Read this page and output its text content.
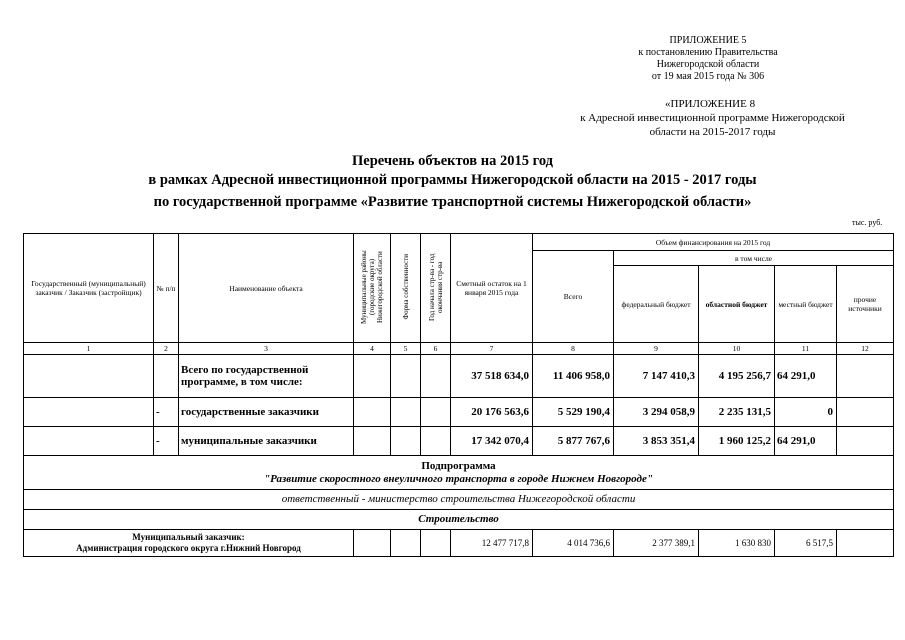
ПРИЛОЖЕНИЕ 5
к постановлению Правительства
Нижегородской области
от 19 мая 2015 года № 306
«ПРИЛОЖЕНИЕ 8
к Адресной инвестиционной программе Нижегородской
области на 2015-2017 годы
Перечень объектов на 2015 год
в рамках Адресной инвестиционной программы Нижегородской области на 2015 - 2017 годы
по государственной программе «Развитие транспортной системы Нижегородской области»
тыс. руб.
Государственный (муниципальный) заказчик / Заказчик (застройщик)	№ п/п	Наименование объекта	Муниципальные районы (городские округа) Нижегородской области	Форма собственности	Год начала стр-ва - год окончания стр-ва	Сметный остаток на 1 января 2015 года	Объем финансирования на 2015 год				
							Всего	в том числе			
								федеральный бюджет	областной бюджет	местный бюджет	прочие источники
1	2	3	4	5	6	7	8	9	10	11	12
		Всего по государственной программе, в том числе:				37 518 634,0	11 406 958,0	7 147 410,3	4 195 256,7	64 291,0	
	-	государственные заказчики				20 176 563,6	5 529 190,4	3 294 058,9	2 235 131,5	0	
	-	муниципальные заказчики				17 342 070,4	5 877 767,6	3 853 351,4	1 960 125,2	64 291,0	

Подпрограмма
"Развитие скоростного внеуличного транспорта в городе Нижнем Новгороде"											

ответственный - министерство строительства Нижегородской области											
Строительство											

Муниципальный заказчик:
Администрация городского округа г.Нижний Новгород						12 477 717,8	4 014 736,6	2 377 389,1	1 630 830	6 517,5	
